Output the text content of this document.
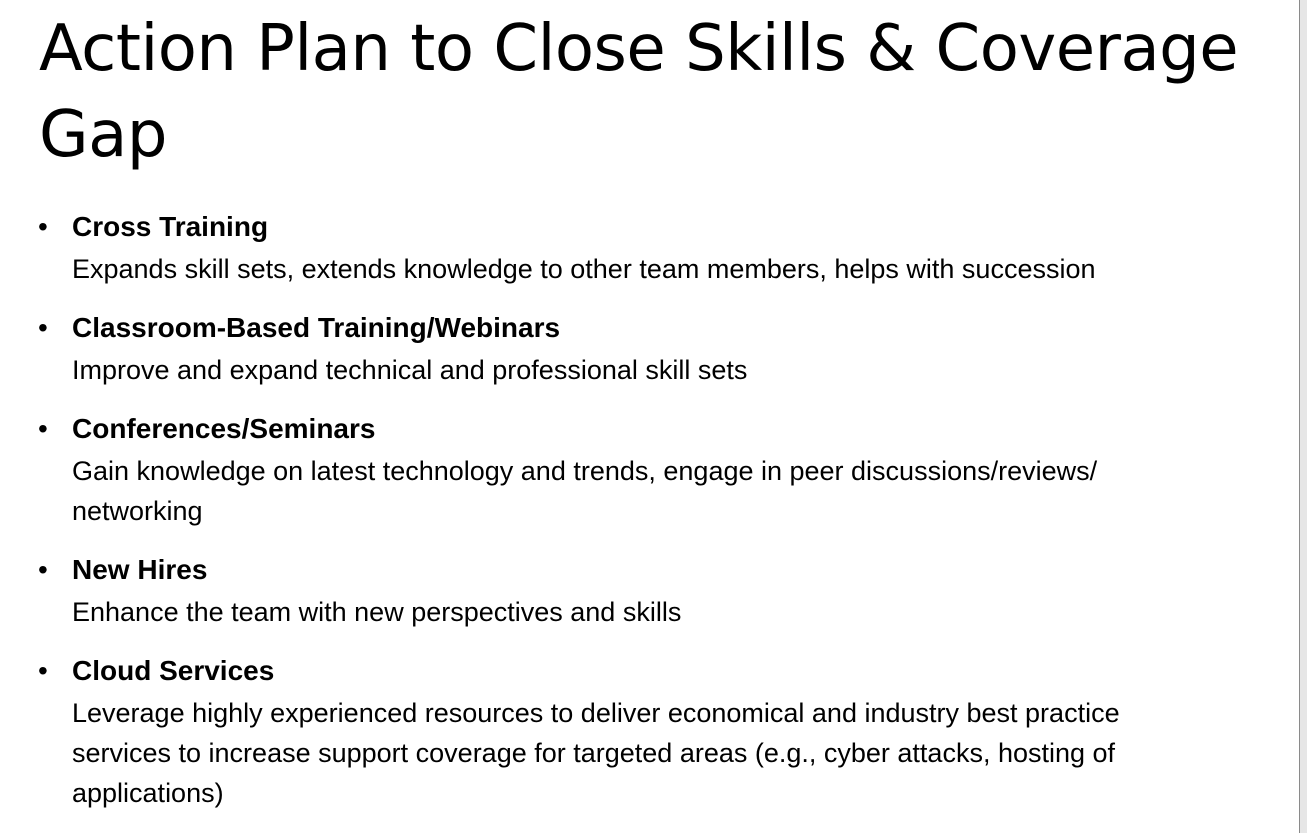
Action Plan to Close Skills & Coverage Gap
• Cross Training
Expands skill sets, extends knowledge to other team members, helps with succession
• Classroom-Based Training/Webinars
Improve and expand technical and professional skill sets
• Conferences/Seminars
Gain knowledge on latest technology and trends, engage in peer discussions/reviews/
networking
• New Hires
Enhance the team with new perspectives and skills
• Cloud Services
Leverage highly experienced resources to deliver economical and industry best practice
services to increase support coverage for targeted areas (e.g., cyber attacks, hosting of
applications)
